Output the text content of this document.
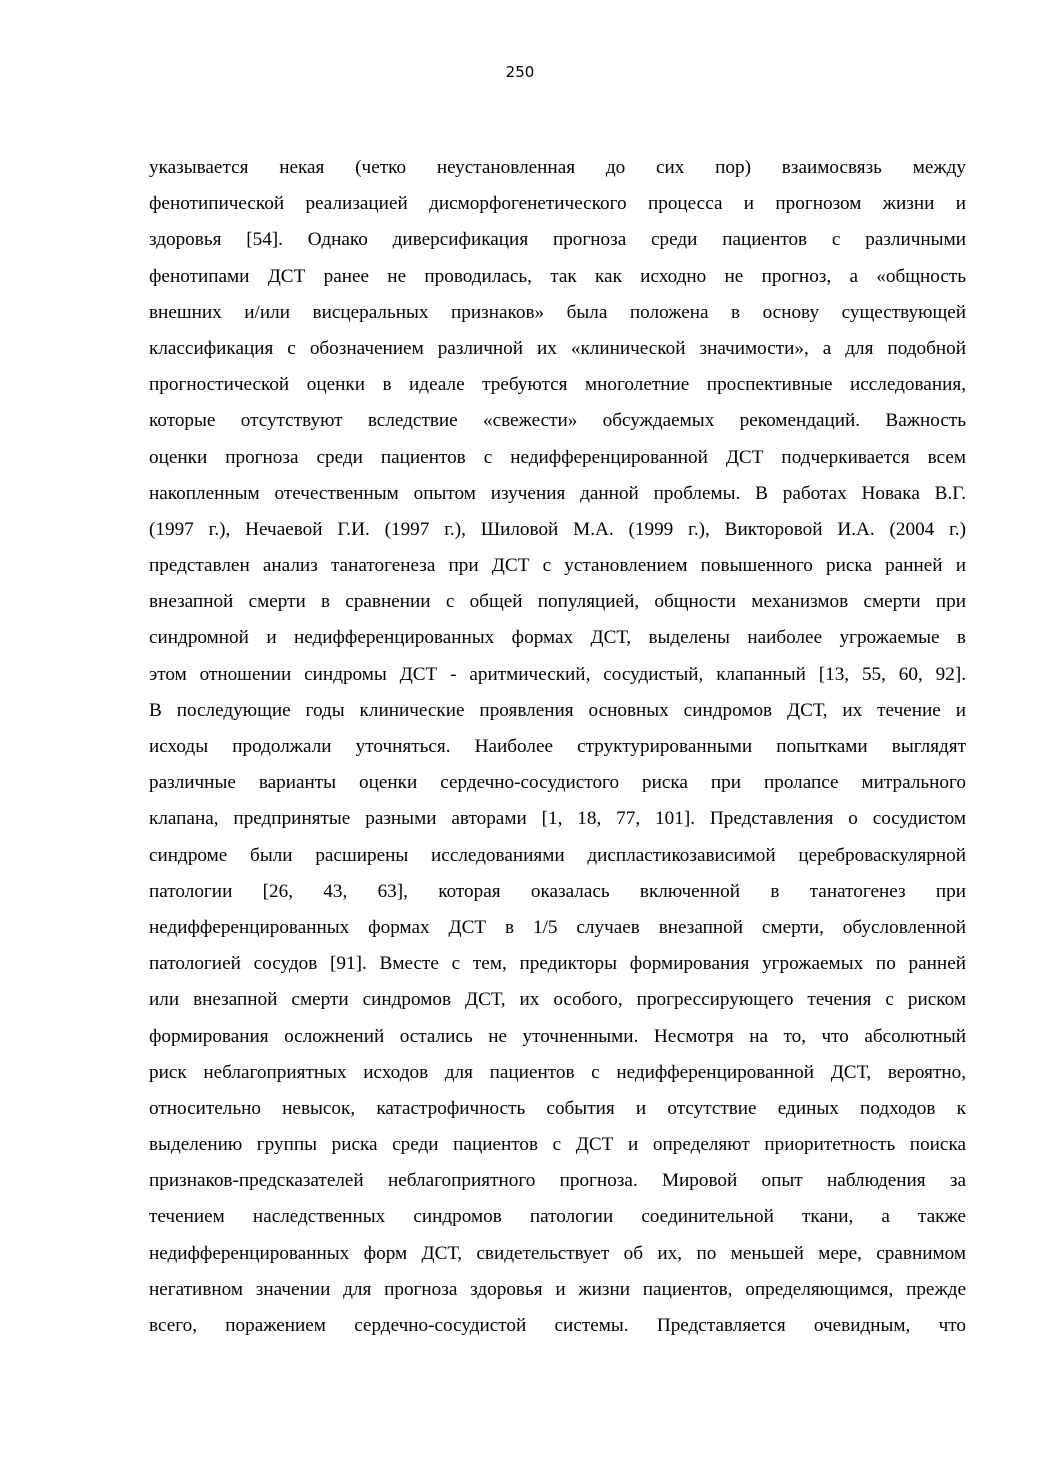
250
указывается некая (четко неустановленная до сих пор) взаимосвязь между
фенотипической реализацией дисморфогенетического процесса и прогнозом жизни и
здоровья [54]. Однако диверсификация прогноза среди пациентов с различными
фенотипами ДСТ ранее не проводилась, так как исходно не прогноз, а «общность
внешних и/или висцеральных признаков» была положена в основу существующей
классификация с обозначением различной их «клинической значимости», а для подобной
прогностической оценки в идеале требуются многолетние проспективные исследования,
которые отсутствуют вследствие «свежести» обсуждаемых рекомендаций. Важность
оценки прогноза среди пациентов с недифференцированной ДСТ подчеркивается всем
накопленным отечественным опытом изучения данной проблемы. В работах Новака В.Г.
(1997 г.), Нечаевой Г.И. (1997 г.), Шиловой М.А. (1999 г.), Викторовой И.А. (2004 г.)
представлен анализ танатогенеза при ДСТ с установлением повышенного риска ранней и
внезапной смерти в сравнении с общей популяцией, общности механизмов смерти при
синдромной и недифференцированных формах ДСТ, выделены наиболее угрожаемые в
этом отношении синдромы ДСТ - аритмический, сосудистый, клапанный [13, 55, 60, 92].
В последующие годы клинические проявления основных синдромов ДСТ, их течение и
исходы продолжали уточняться. Наиболее структурированными попытками выглядят
различные варианты оценки сердечно-сосудистого риска при пролапсе митрального
клапана, предпринятые разными авторами [1, 18, 77, 101]. Представления о сосудистом
синдроме были расширены исследованиями диспластикозависимой цереброваскулярной
патологии [26, 43, 63], которая оказалась включенной в танатогенез при
недифференцированных формах ДСТ в 1/5 случаев внезапной смерти, обусловленной
патологией сосудов [91]. Вместе с тем, предикторы формирования угрожаемых по ранней
или внезапной смерти синдромов ДСТ, их особого, прогрессирующего течения с риском
формирования осложнений остались не уточненными. Несмотря на то, что абсолютный
риск неблагоприятных исходов для пациентов с недифференцированной ДСТ, вероятно,
относительно невысок, катастрофичность события и отсутствие единых подходов к
выделению группы риска среди пациентов с ДСТ и определяют приоритетность поиска
признаков-предсказателей неблагоприятного прогноза. Мировой опыт наблюдения за
течением наследственных синдромов патологии соединительной ткани, а также
недифференцированных форм ДСТ, свидетельствует об их, по меньшей мере, сравнимом
негативном значении для прогноза здоровья и жизни пациентов, определяющимся, прежде
всего, поражением сердечно-сосудистой системы. Представляется очевидным, что
